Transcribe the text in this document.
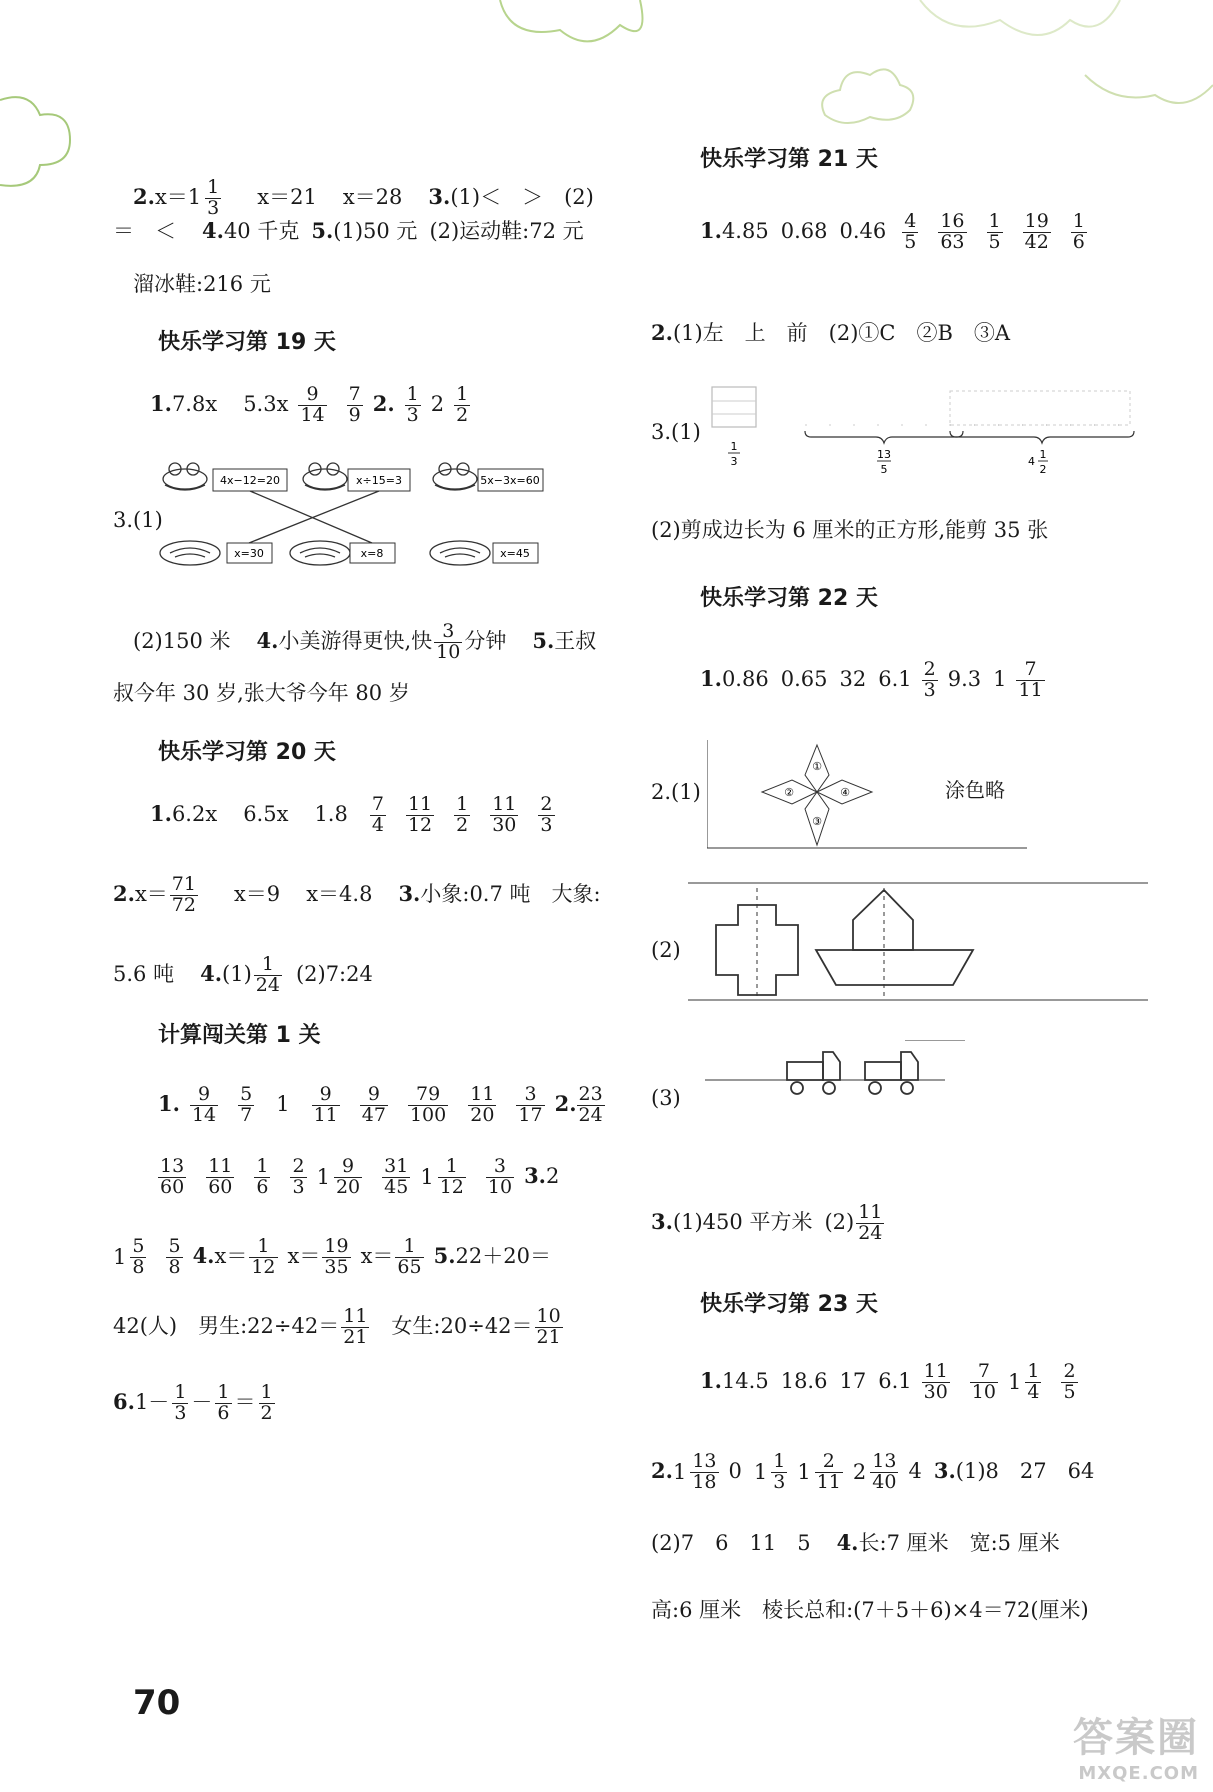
$2.x=1 \frac{1}{3} x=21$ x＝28 3.(1)＜　＞　(2)
＝　＜ 4.40 千克 5.(1)50 元 (2)运动鞋:72 元
溜冰鞋:216 元
快乐学习第 19 天
1.7.8x $5.3x \frac{9}{14} \frac{7}{9} 2$. $\frac{1}{3} 2 \frac{1}{2}$
3.(1)
4x−12=20	x÷15=3	5x−3x=60
x=30	x=8	x=45
(2)150 米 4.小美游得更快,快 $\frac{3}{10}$ 分钟 5.王叔
叔今年 30 岁,张大爷今年 80 岁
快乐学习第 20 天
1.6.2x 6.5x $1.8 \frac{7}{4} \frac{11}{12} \frac{1}{2} \frac{11}{30} \frac{2}{3}$
$2.x= \frac{71}{72} x=9$ x＝4.8 3.小象:0.7 吨　大象:
5.6 吨 $4.(1) \frac{1}{24}$ (2)7:24
计算闯关第 1 关
1. $\frac{9}{14} \frac{5}{7} 1 \frac{9}{11} \frac{9}{47} \frac{79}{100} \frac{11}{20} \frac{3}{17} 2$. $\frac{23}{24}$
$\frac{13}{60} \frac{11}{60} \frac{1}{6} \frac{2}{3} 1 \frac{9}{20} \frac{31}{45} 1 \frac{1}{12} \frac{3}{10} 3.2$
$1 \frac{5}{8} \frac{5}{8} 4.x= \frac{1}{12} x= \frac{19}{35} x= \frac{1}{65} 5.22+20=$
42(人)　男生:22÷42＝ $\frac{11}{21}$ 女生:20÷42＝ $\frac{10}{21}$
$6.1- \frac{1}{3} - \frac{1}{6} = \frac{1}{2}$
快乐学习第 21 天
1.4.85 0.68 $0.46 \frac{4}{5} \frac{16}{63} \frac{1}{5} \frac{19}{42} \frac{1}{6}$
2.(1)左　上　前　(2)①C　②B　③A
3.(1)
1
3
13
5
4
1
2
(2)剪成边长为 6 厘米的正方形,能剪 35 张
快乐学习第 22 天
1.0.86 0.65 32 $6.1 \frac{2}{3} 9.3$ $1 \frac{7}{11}$
2.(1)
①
②
③
④	涂色略
(2)
(3)
3.(1)450 平方米 $(2) \frac{11}{24}$
快乐学习第 23 天
1.14.5 18.6 17 $6.1 \frac{11}{30} \frac{7}{10} 1 \frac{1}{4} \frac{2}{5}$
2. $1 \frac{13}{18} 0$ $1 \frac{1}{3} 1 \frac{2}{11} 2 \frac{13}{40} 4$ 3.(1)8　27　64
(2)7　6　11　5 4.长:7 厘米　宽:5 厘米
高:6 厘米　棱长总和:(7＋5＋6)×4＝72(厘米)
70
答案圈
MXQE.COM
